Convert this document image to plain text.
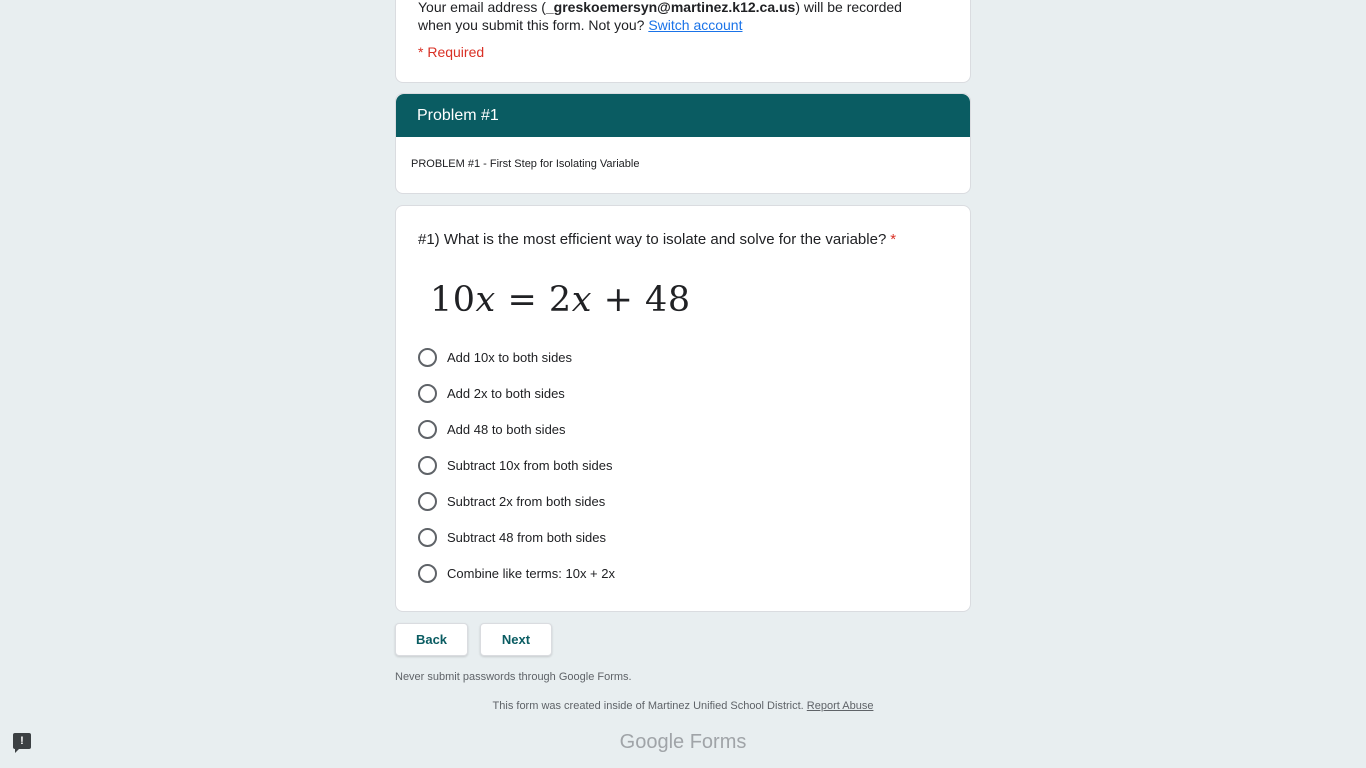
Your email address (_greskoemersyn@martinez.k12.ca.us) will be recorded when you submit this form. Not you? Switch account
* Required
Problem #1
PROBLEM #1 - First Step for Isolating Variable
#1) What is the most efficient way to isolate and solve for the variable? *
10x = 2x + 48
Add 10x to both sides
Add 2x to both sides
Add 48 to both sides
Subtract 10x from both sides
Subtract 2x from both sides
Subtract 48 from both sides
Combine like terms: 10x + 2x
Back	Next
Never submit passwords through Google Forms.
This form was created inside of Martinez Unified School District. Report Abuse
Google Forms
!
